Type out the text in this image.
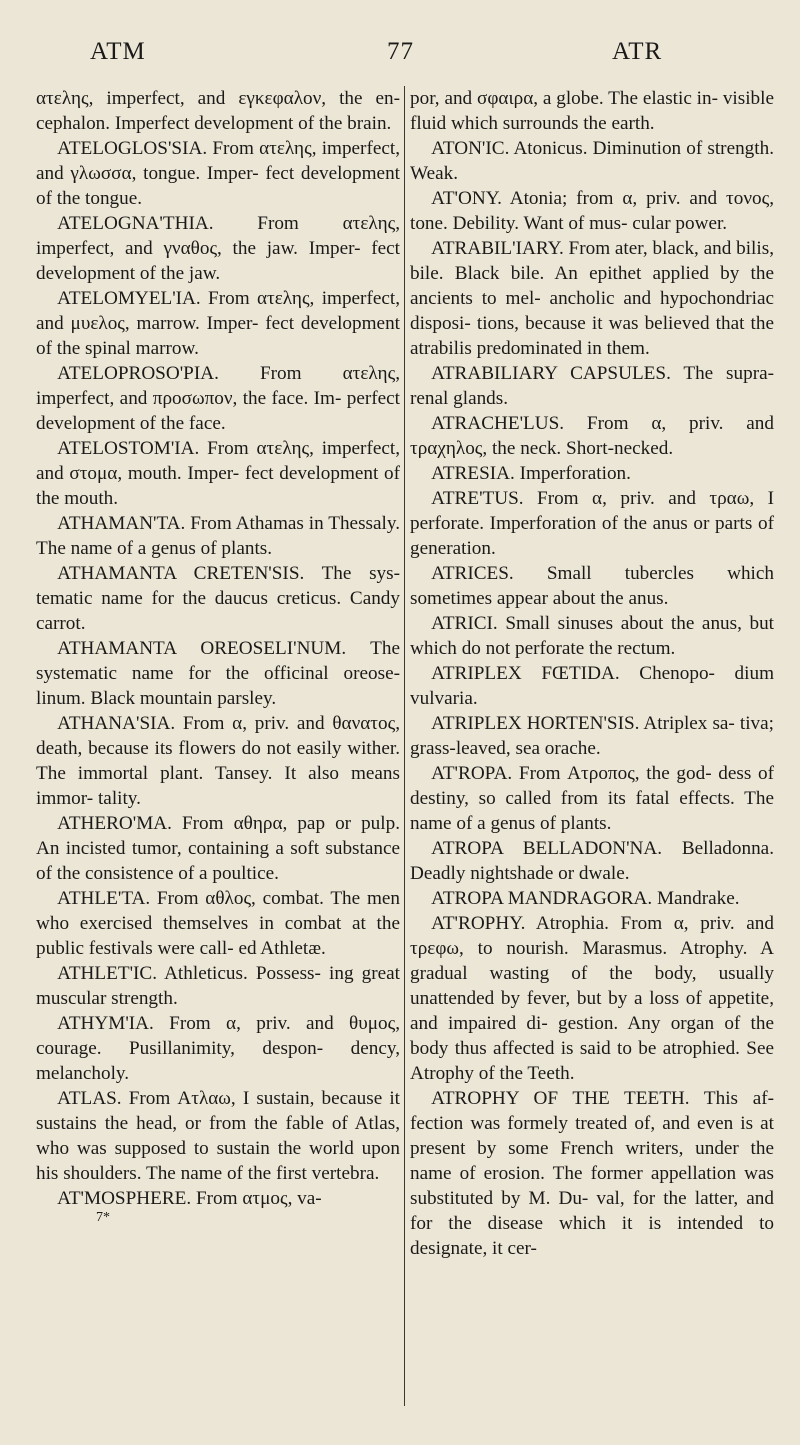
ATM	77	ATR

ατελης, imperfect, and εγκεφαλον, the en- cephalon. Imperfect development of the brain.

ATELOGLOS'SIA. From ατελης, imperfect, and γλωσσα, tongue. Imper- fect development of the tongue.

ATELOGNA'THIA. From ατελης, imperfect, and γναθος, the jaw. Imper- fect development of the jaw.

ATELOMYEL'IA. From ατελης, imperfect, and μυελος, marrow. Imper- fect development of the spinal marrow.

ATELOPROSO'PIA. From ατελης, imperfect, and προσωπον, the face. Im- perfect development of the face.

ATELOSTOM'IA. From ατελης, imperfect, and στομα, mouth. Imper- fect development of the mouth.

ATHAMAN'TA. From Athamas in Thessaly. The name of a genus of plants.

ATHAMANTA CRETEN'SIS. The sys- tematic name for the daucus creticus. Candy carrot.

ATHAMANTA OREOSELI'NUM. The systematic name for the officinal oreose- linum. Black mountain parsley.

ATHANA'SIA. From α, priv. and θανατος, death, because its flowers do not easily wither. The immortal plant. Tansey. It also means immor- tality.

ATHERO'MA. From αθηρα, pap or pulp. An incisted tumor, containing a soft substance of the consistence of a poultice.

ATHLE'TA. From αθλος, combat. The men who exercised themselves in combat at the public festivals were call- ed Athletæ.

ATHLET'IC. Athleticus. Possess- ing great muscular strength.

ATHYM'IA. From α, priv. and θυμος, courage. Pusillanimity, despon- dency, melancholy.

ATLAS. From Ατλαω, I sustain, because it sustains the head, or from the fable of Atlas, who was supposed to sustain the world upon his shoulders. The name of the first vertebra.

AT'MOSPHERE. From ατμος, va-

7*

por, and σφαιρα, a globe. The elastic in- visible fluid which surrounds the earth.

ATON'IC. Atonicus. Diminution of strength. Weak.

AT'ONY. Atonia; from α, priv. and τονος, tone. Debility. Want of mus- cular power.

ATRABIL'IARY. From ater, black, and bilis, bile. Black bile. An epithet applied by the ancients to mel- ancholic and hypochondriac disposi- tions, because it was believed that the atrabilis predominated in them.

ATRABILIARY CAPSULES. The supra- renal glands.

ATRACHE'LUS. From α, priv. and τραχηλος, the neck. Short-necked.

ATRESIA. Imperforation.

ATRE'TUS. From α, priv. and τραω, I perforate. Imperforation of the anus or parts of generation.

ATRICES. Small tubercles which sometimes appear about the anus.

ATRICI. Small sinuses about the anus, but which do not perforate the rectum.

ATRIPLEX FŒTIDA. Chenopo- dium vulvaria.

ATRIPLEX HORTEN'SIS. Atriplex sa- tiva; grass-leaved, sea orache.

AT'ROPA. From Ατροπος, the god- dess of destiny, so called from its fatal effects. The name of a genus of plants.

ATROPA BELLADON'NA. Belladonna. Deadly nightshade or dwale.

ATROPA MANDRAGORA. Mandrake.

AT'ROPHY. Atrophia. From α, priv. and τρεφω, to nourish. Marasmus. Atrophy. A gradual wasting of the body, usually unattended by fever, but by a loss of appetite, and impaired di- gestion. Any organ of the body thus affected is said to be atrophied. See Atrophy of the Teeth.

ATROPHY OF THE TEETH. This af- fection was formely treated of, and even is at present by some French writers, under the name of erosion. The former appellation was substituted by M. Du- val, for the latter, and for the disease which it is intended to designate, it cer-
